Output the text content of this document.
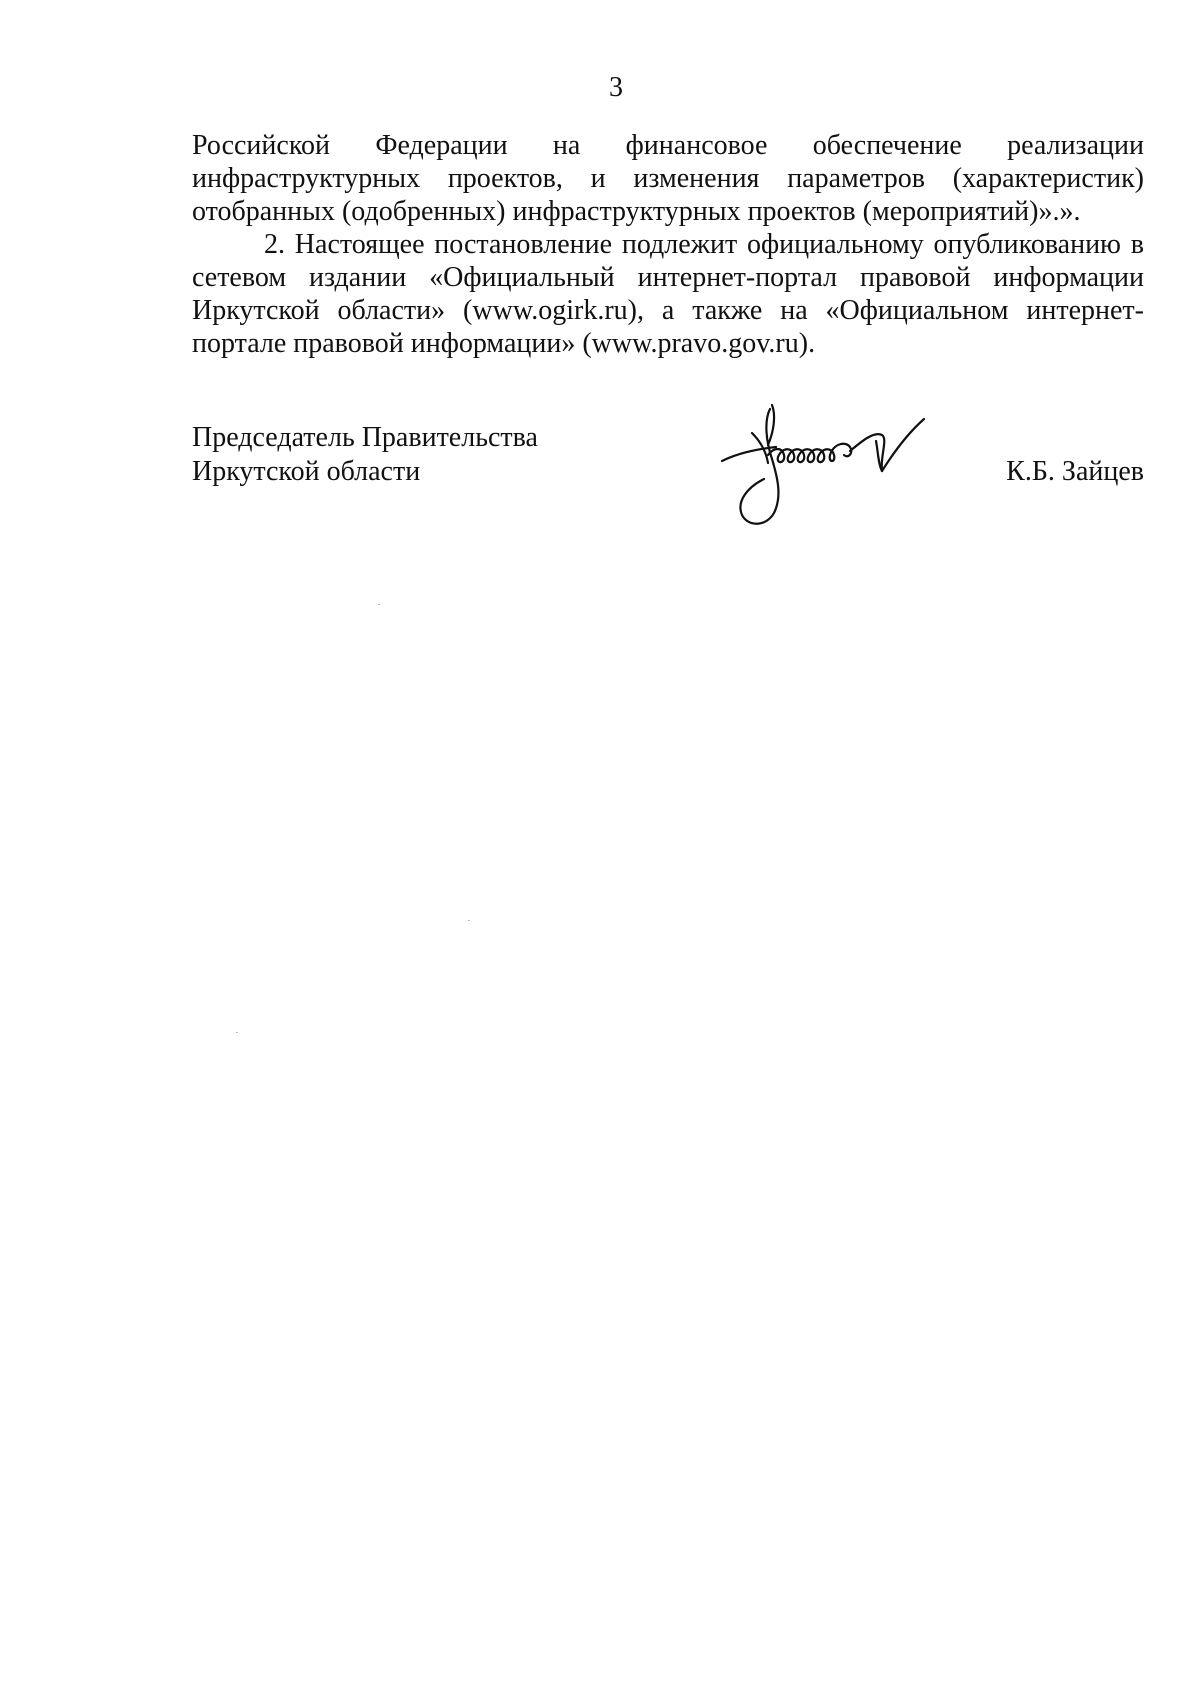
3

Российской Федерации на финансовое обеспечение реализации инфраструктурных проектов, и изменения параметров (характеристик) отобранных (одобренных) инфраструктурных проектов (мероприятий)».».

2. Настоящее постановление подлежит официальному опубликованию в сетевом издании «Официальный интернет-портал правовой информации Иркутской области» (www.ogirk.ru), а также на «Официальном интернет-портале правовой информации» (www.pravo.gov.ru).

Председатель Правительства
Иркутской области	К.Б. Зайцев
